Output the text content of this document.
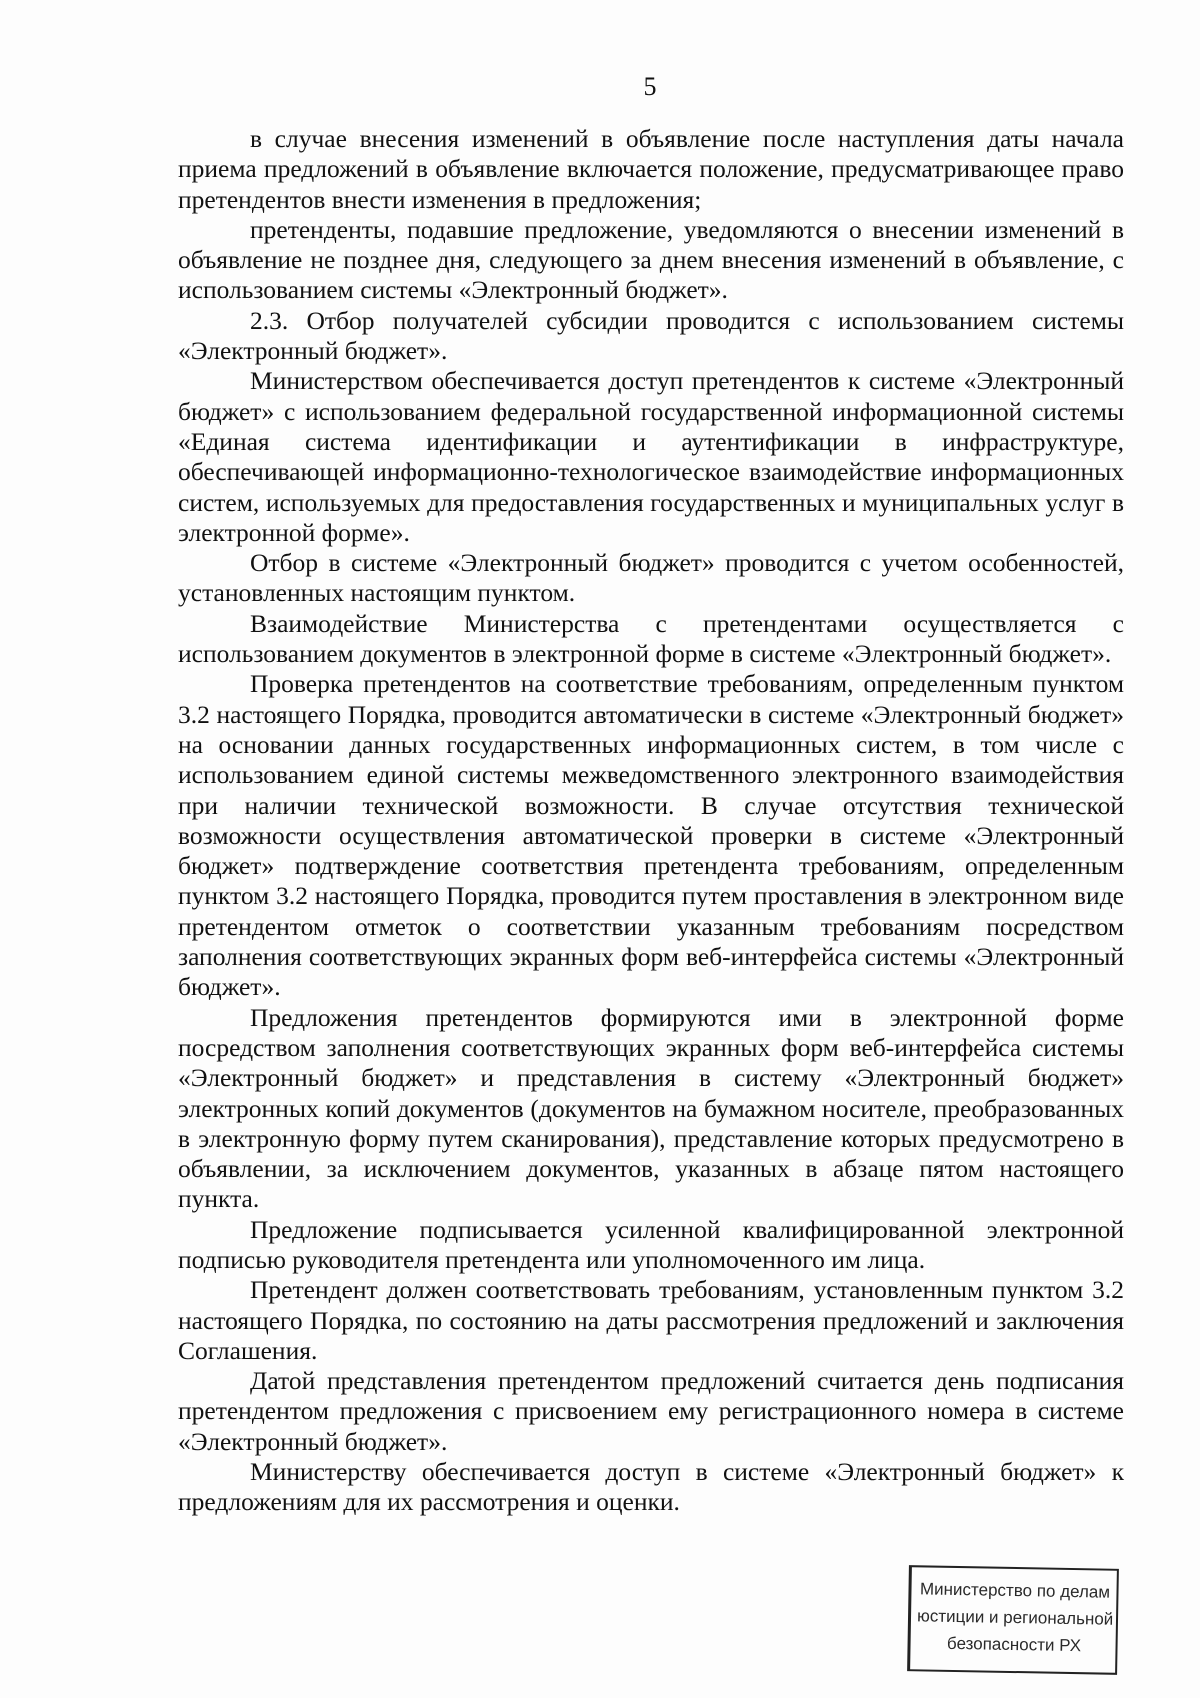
5

в случае внесения изменений в объявление после наступления даты начала приема предложений в объявление включается положение, предусматривающее право претендентов внести изменения в предложения;

претенденты, подавшие предложение, уведомляются о внесении изменений в объявление не позднее дня, следующего за днем внесения изменений в объявление, с использованием системы «Электронный бюджет».

2.3. Отбор получателей субсидии проводится с использованием системы «Электронный бюджет».

Министерством обеспечивается доступ претендентов к системе «Электронный бюджет» с использованием федеральной государственной информационной системы «Единая система идентификации и аутентификации в инфраструктуре, обеспечивающей информационно-технологическое взаимодействие информационных систем, используемых для предоставления государственных и муниципальных услуг в электронной форме».

Отбор в системе «Электронный бюджет» проводится с учетом особенностей, установленных настоящим пунктом.

Взаимодействие Министерства с претендентами осуществляется с использованием документов в электронной форме в системе «Электронный бюджет».

Проверка претендентов на соответствие требованиям, определенным пунктом 3.2 настоящего Порядка, проводится автоматически в системе «Электронный бюджет» на основании данных государственных информационных систем, в том числе с использованием единой системы межведомственного электронного взаимодействия при наличии технической возможности. В случае отсутствия технической возможности осуществления автоматической проверки в системе «Электронный бюджет» подтверждение соответствия претендента требованиям, определенным пунктом 3.2 настоящего Порядка, проводится путем проставления в электронном виде претендентом отметок о соответствии указанным требованиям посредством заполнения соответствующих экранных форм веб-интерфейса системы «Электронный бюджет».

Предложения претендентов формируются ими в электронной форме посредством заполнения соответствующих экранных форм веб-интерфейса системы «Электронный бюджет» и представления в систему «Электронный бюджет» электронных копий документов (документов на бумажном носителе, преобразованных в электронную форму путем сканирования), представление которых предусмотрено в объявлении, за исключением документов, указанных в абзаце пятом настоящего пункта.

Предложение подписывается усиленной квалифицированной электронной подписью руководителя претендента или уполномоченного им лица.

Претендент должен соответствовать требованиям, установленным пунктом 3.2 настоящего Порядка, по состоянию на даты рассмотрения предложений и заключения Соглашения.

Датой представления претендентом предложений считается день подписания претендентом предложения с присвоением ему регистрационного номера в системе «Электронный бюджет».

Министерству обеспечивается доступ в системе «Электронный бюджет» к предложениям для их рассмотрения и оценки.

Министерство по делам
юстиции и региональной
безопасности РХ
